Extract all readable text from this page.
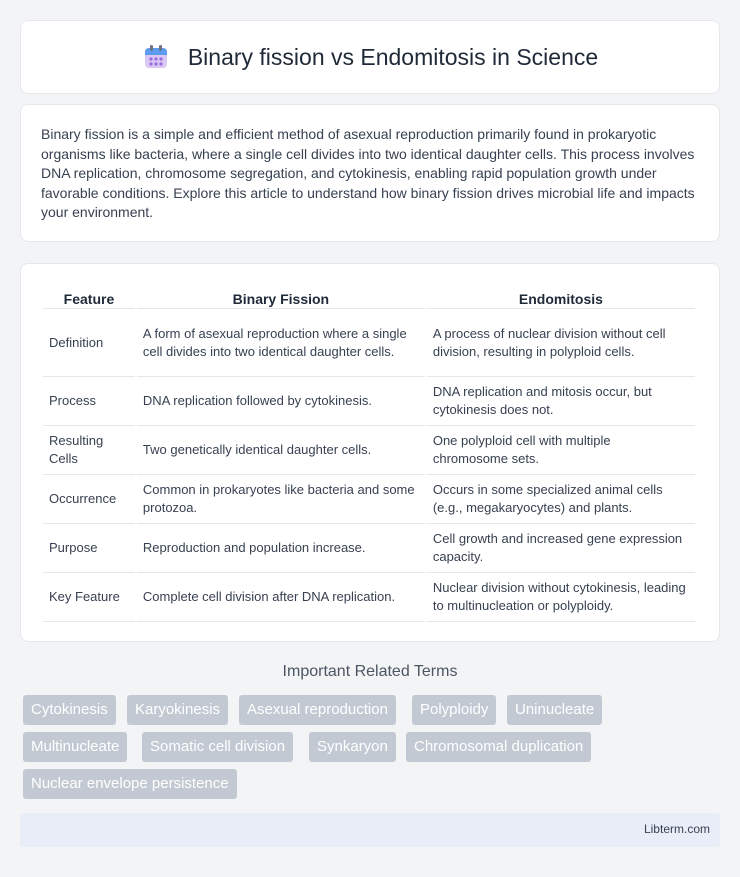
Binary fission vs Endomitosis in Science

Binary fission is a simple and efficient method of asexual reproduction primarily found in prokaryotic organisms like bacteria, where a single cell divides into two identical daughter cells. This process involves DNA replication, chromosome segregation, and cytokinesis, enabling rapid population growth under favorable conditions. Explore this article to understand how binary fission drives microbial life and impacts your environment.

Feature	Binary Fission	Endomitosis
Definition	A form of asexual reproduction where a single cell divides into two identical daughter cells.	A process of nuclear division without cell division, resulting in polyploid cells.
Process	DNA replication followed by cytokinesis.	DNA replication and mitosis occur, but cytokinesis does not.
Resulting Cells	Two genetically identical daughter cells.	One polyploid cell with multiple chromosome sets.
Occurrence	Common in prokaryotes like bacteria and some protozoa.	Occurs in some specialized animal cells (e.g., megakaryocytes) and plants.
Purpose	Reproduction and population increase.	Cell growth and increased gene expression capacity.
Key Feature	Complete cell division after DNA replication.	Nuclear division without cytokinesis, leading to multinucleation or polyploidy.
Important Related Terms
Cytokinesis	Karyokinesis	Asexual reproduction	Polyploidy	Uninucleate
Multinucleate	Somatic cell division	Synkaryon	Chromosomal duplication
Nuclear envelope persistence
Libterm.com
